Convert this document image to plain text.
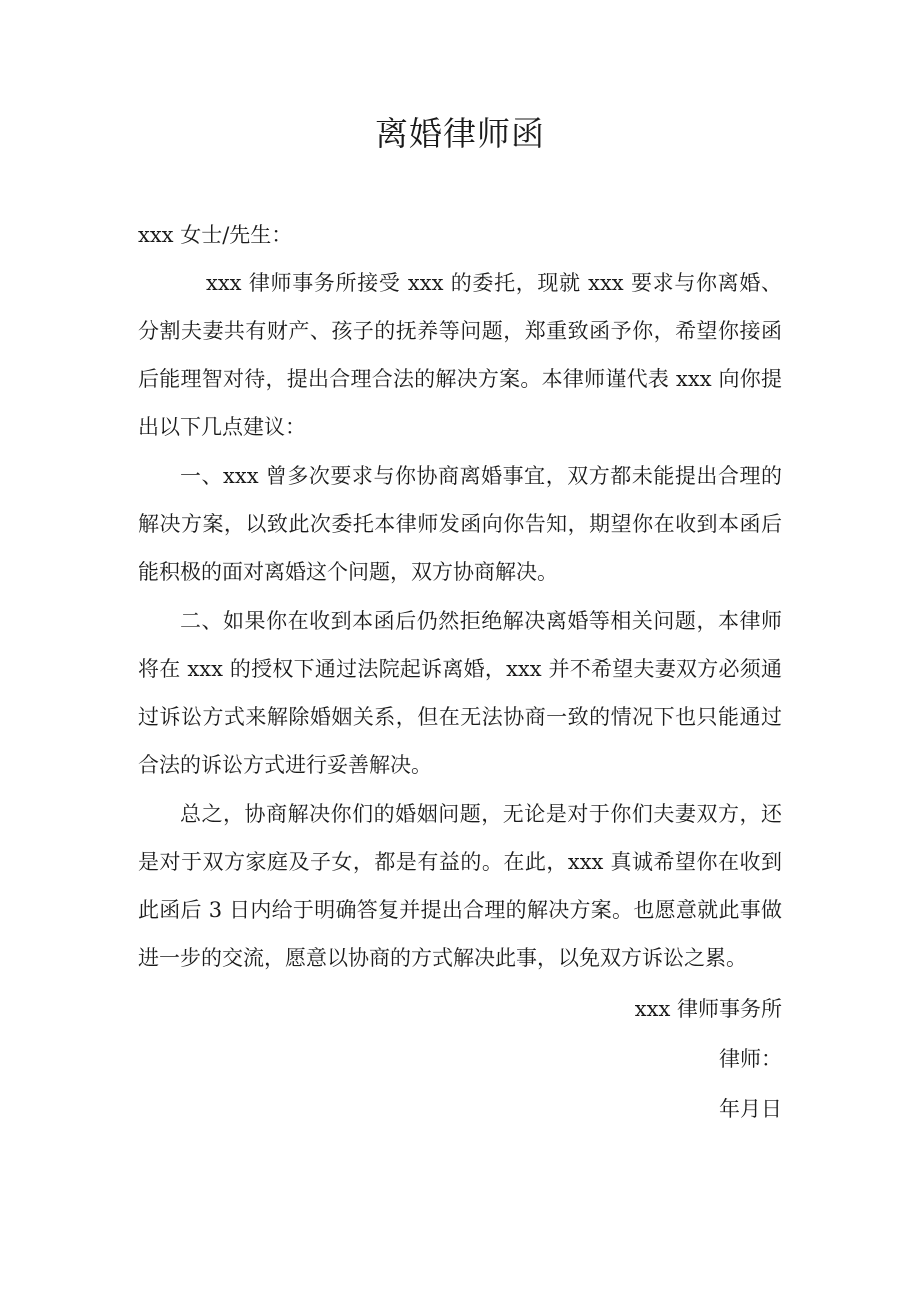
离婚律师函
xxx 女士/先生：
xxx 律师事务所接受 xxx 的委托，现就 xxx 要求与你离婚、分割夫妻共有财产、孩子的抚养等问题，郑重致函予你，希望你接函后能理智对待，提出合理合法的解决方案。本律师谨代表 xxx 向你提出以下几点建议：
一、xxx 曾多次要求与你协商离婚事宜，双方都未能提出合理的解决方案，以致此次委托本律师发函向你告知，期望你在收到本函后能积极的面对离婚这个问题，双方协商解决。
二、如果你在收到本函后仍然拒绝解决离婚等相关问题，本律师将在 xxx 的授权下通过法院起诉离婚，xxx 并不希望夫妻双方必须通过诉讼方式来解除婚姻关系，但在无法协商一致的情况下也只能通过合法的诉讼方式进行妥善解决。
总之，协商解决你们的婚姻问题，无论是对于你们夫妻双方，还是对于双方家庭及子女，都是有益的。在此，xxx 真诚希望你在收到此函后 3 日内给于明确答复并提出合理的解决方案。也愿意就此事做进一步的交流，愿意以协商的方式解决此事，以免双方诉讼之累。
xxx 律师事务所
律师：
年月日
